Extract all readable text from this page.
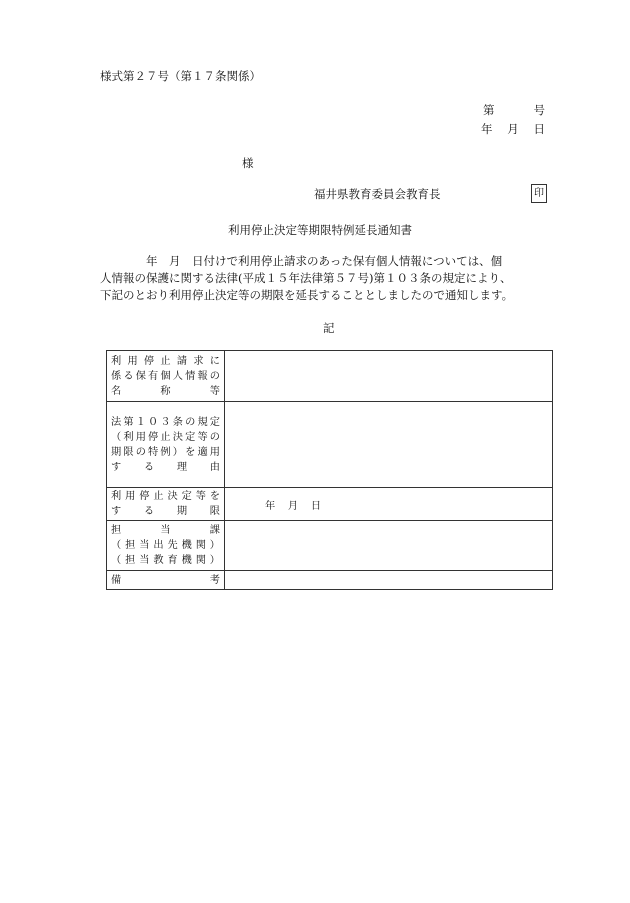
様式第２７号（第１７条関係）
第	号
年 月 日
様
福井県教育委員会教育長	印
利用停止決定等期限特例延長通知書
　　　　年　月　日付けで利用停止請求のあった保有個人情報については、個
人情報の保護に関する法律(平成１５年法律第５７号)第１０３条の規定により、
下記のとおり利用停止決定等の期限を延長することとしましたので通知します。
記
利用停止請求に
係る保有個人情報の
名　称　等	

法第１０３条の規定
（利用停止決定等の
期限の特例）を適用
す　る　理　由	

利用停止決定等を
す　る　期　限	年 月 日

担　当　課
（担当出先機関）
（担当教育機関）	

備　考	
